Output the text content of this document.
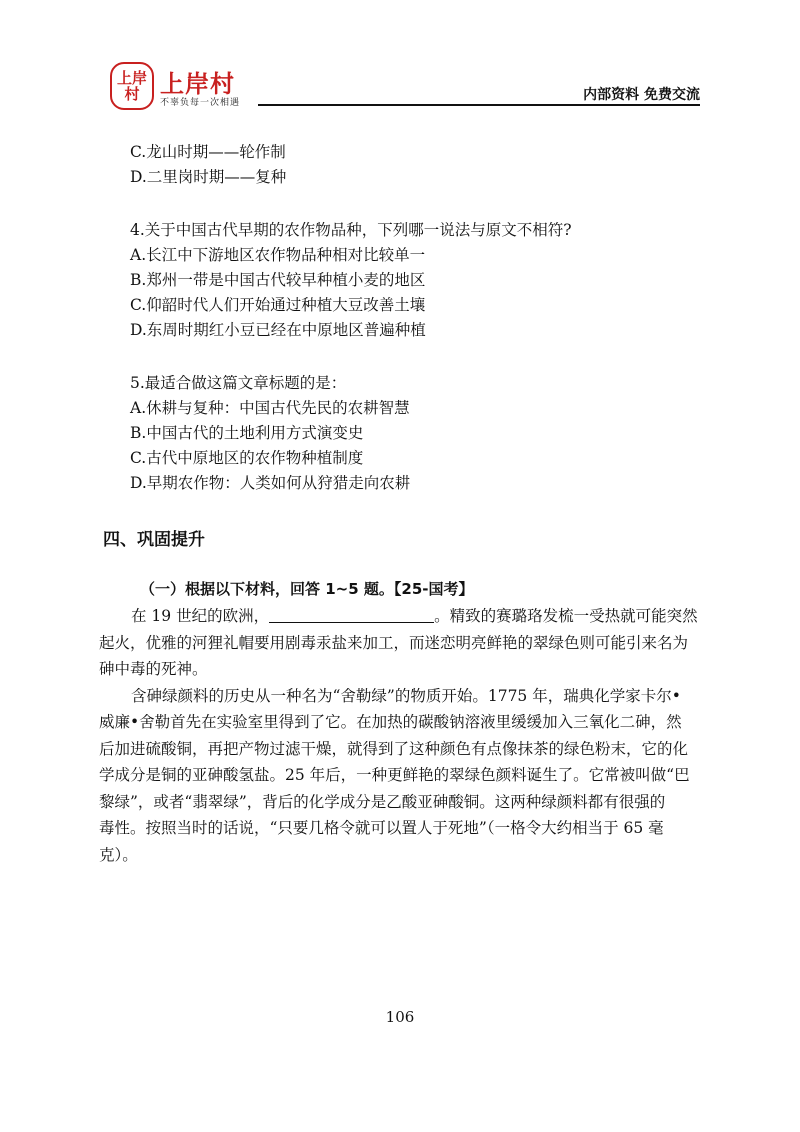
上岸村 上岸村
不辜负每一次相遇	内部资料 免费交流
C.龙山时期——轮作制
D.二里岗时期——复种
4.关于中国古代早期的农作物品种，下列哪一说法与原文不相符?
A.长江中下游地区农作物品种相对比较单一
B.郑州一带是中国古代较早种植小麦的地区
C.仰韶时代人们开始通过种植大豆改善土壤
D.东周时期红小豆已经在中原地区普遍种植
5.最适合做这篇文章标题的是：
A.休耕与复种：中国古代先民的农耕智慧
B.中国古代的土地利用方式演变史
C.古代中原地区的农作物种植制度
D.早期农作物：人类如何从狩猎走向农耕
四、巩固提升
（一）根据以下材料，回答 1~5 题。【25-国考】
在 19 世纪的欧洲，	。精致的赛璐珞发梳一受热就可能突然
起火，优雅的河狸礼帽要用剧毒汞盐来加工，而迷恋明亮鲜艳的翠绿色则可能引来名为
砷中毒的死神。
含砷绿颜料的历史从一种名为“舍勒绿”的物质开始。1775 年，瑞典化学家卡尔•
威廉•舍勒首先在实验室里得到了它。在加热的碳酸钠溶液里缓缓加入三氧化二砷，然
后加进硫酸铜，再把产物过滤干燥，就得到了这种颜色有点像抹茶的绿色粉末，它的化
学成分是铜的亚砷酸氢盐。25 年后，一种更鲜艳的翠绿色颜料诞生了。它常被叫做“巴
黎绿”，或者“翡翠绿”，背后的化学成分是乙酸亚砷酸铜。这两种绿颜料都有很强的
毒性。按照当时的话说，“只要几格令就可以置人于死地”（一格令大约相当于 65 毫
克）。
106
